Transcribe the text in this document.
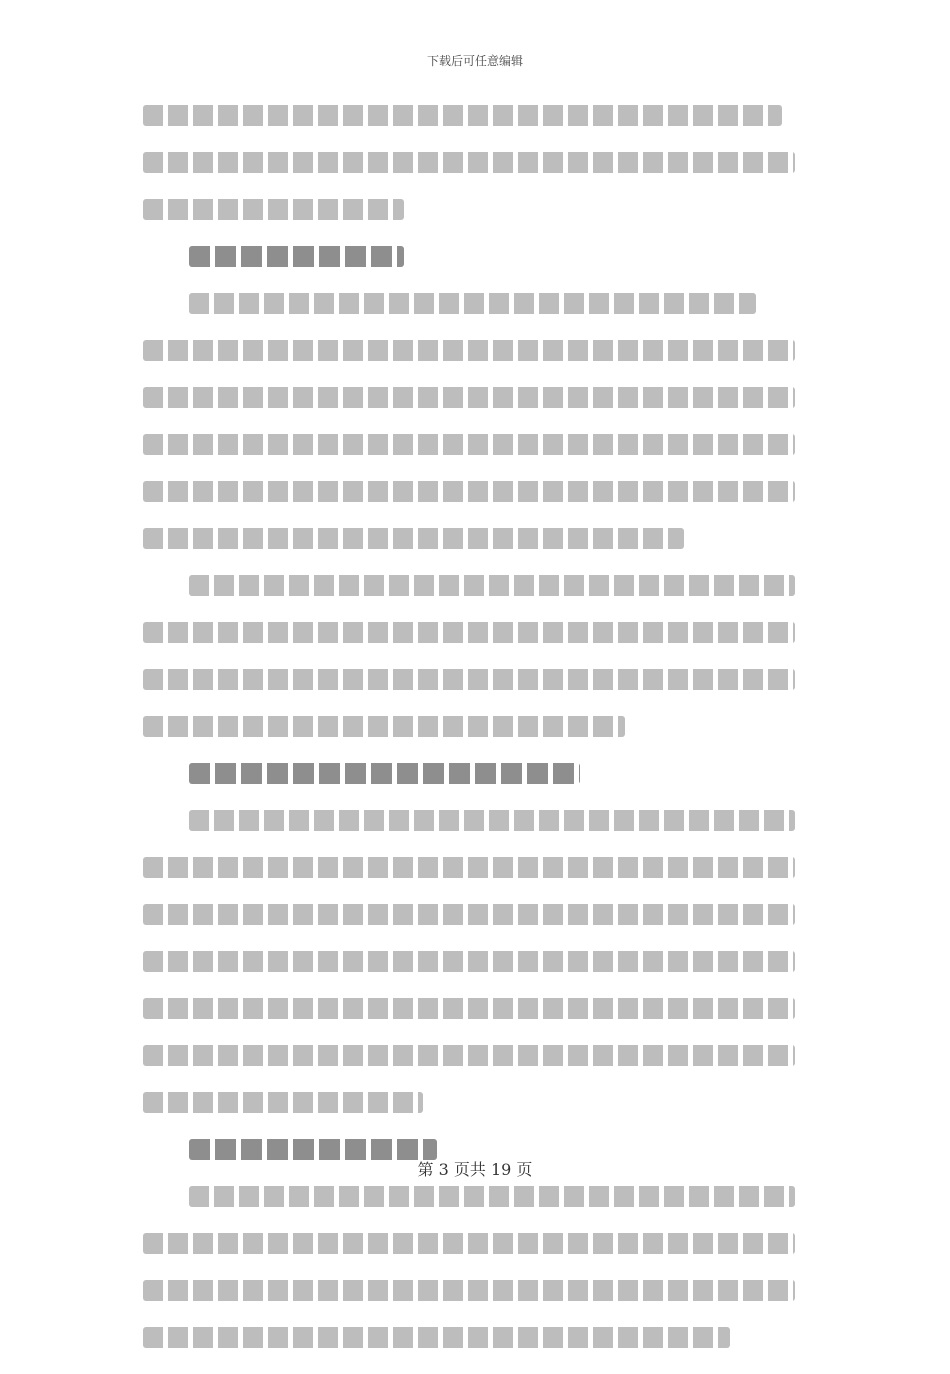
下载后可任意编辑
第 3 页共 19 页
